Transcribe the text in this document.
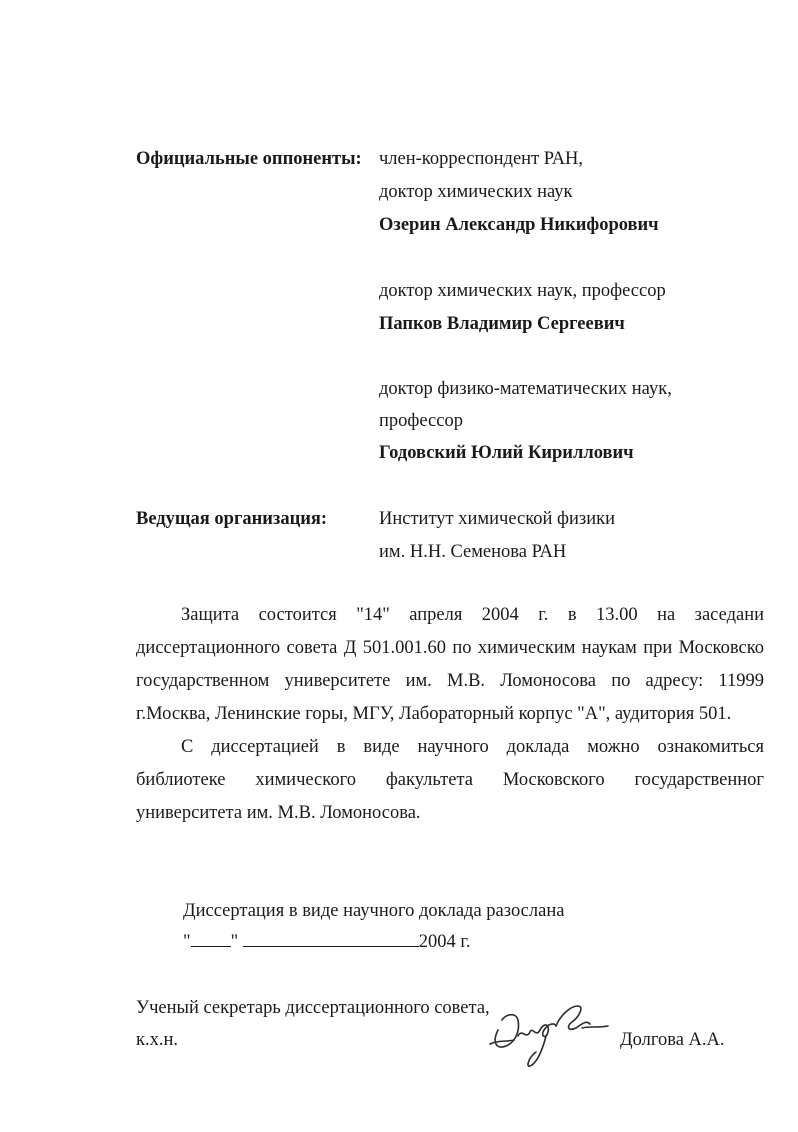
Официальные оппоненты: член-корреспондент РАН,
доктор химических наук
Озерин Александр Никифорович
доктор химических наук, профессор
Папков Владимир Сергеевич
доктор физико-математических наук,
профессор
Годовский Юлий Кириллович
Ведущая организация:	Институт химической физики
им. Н.Н. Семенова РАН
Защита состоится "14" апреля 2004 г. в 13.00 на заседани
диссертационного совета Д 501.001.60 по химическим наукам при Московско
государственном университете им. М.В. Ломоносова по адресу: 11999
г.Москва, Ленинские горы, МГУ, Лабораторный корпус "А", аудитория 501.
С диссертацией в виде научного доклада можно ознакомиться
библиотеке химического факультета Московского государственног
университета им. М.В. Ломоносова.
Диссертация в виде научного доклада разослана
" "	2004 г.
Ученый секретарь диссертационного совета,
к.х.н.	Долгова А.А.
